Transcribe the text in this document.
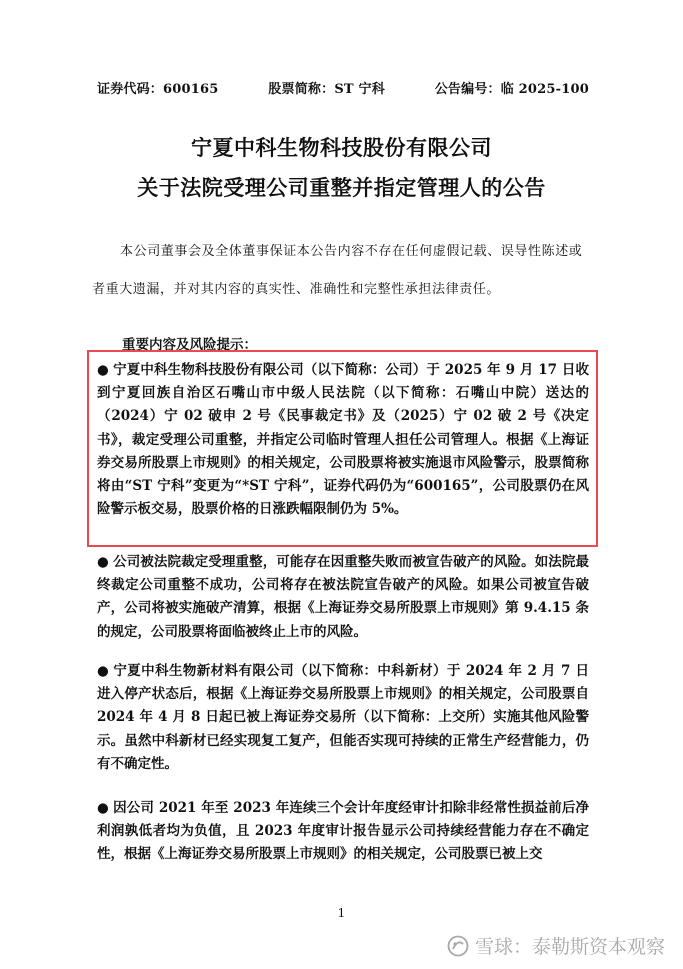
证券代码：600165	股票简称：ST 宁科	公告编号：临 2025-100
宁夏中科生物科技股份有限公司
关于法院受理公司重整并指定管理人的公告
本公司董事会及全体董事保证本公告内容不存在任何虚假记载、误导性陈述或者重大遗漏，并对其内容的真实性、准确性和完整性承担法律责任。
重要内容及风险提示：
● 宁夏中科生物科技股份有限公司（以下简称：公司）于 2025 年 9 月 17 日收到宁夏回族自治区石嘴山市中级人民法院（以下简称：石嘴山中院）送达的（2024）宁 02 破申 2 号《民事裁定书》及（2025）宁 02 破 2 号《决定书》，裁定受理公司重整，并指定公司临时管理人担任公司管理人。根据《上海证券交易所股票上市规则》的相关规定，公司股票将被实施退市风险警示，股票简称将由“ST 宁科”变更为“*ST 宁科”，证券代码仍为“600165”，公司股票仍在风险警示板交易，股票价格的日涨跌幅限制仍为 5%。
● 公司被法院裁定受理重整，可能存在因重整失败而被宣告破产的风险。如法院最终裁定公司重整不成功，公司将存在被法院宣告破产的风险。如果公司被宣告破产，公司将被实施破产清算，根据《上海证券交易所股票上市规则》第 9.4.15 条的规定，公司股票将面临被终止上市的风险。
● 宁夏中科生物新材料有限公司（以下简称：中科新材）于 2024 年 2 月 7 日进入停产状态后，根据《上海证券交易所股票上市规则》的相关规定，公司股票自 2024 年 4 月 8 日起已被上海证券交易所（以下简称：上交所）实施其他风险警示。虽然中科新材已经实现复工复产，但能否实现可持续的正常生产经营能力，仍有不确定性。
● 因公司 2021 年至 2023 年连续三个会计年度经审计扣除非经常性损益前后净利润孰低者均为负值，且 2023 年度审计报告显示公司持续经营能力存在不确定性，根据《上海证券交易所股票上市规则》的相关规定，公司股票已被上交
1
雪球：泰勒斯资本观察
